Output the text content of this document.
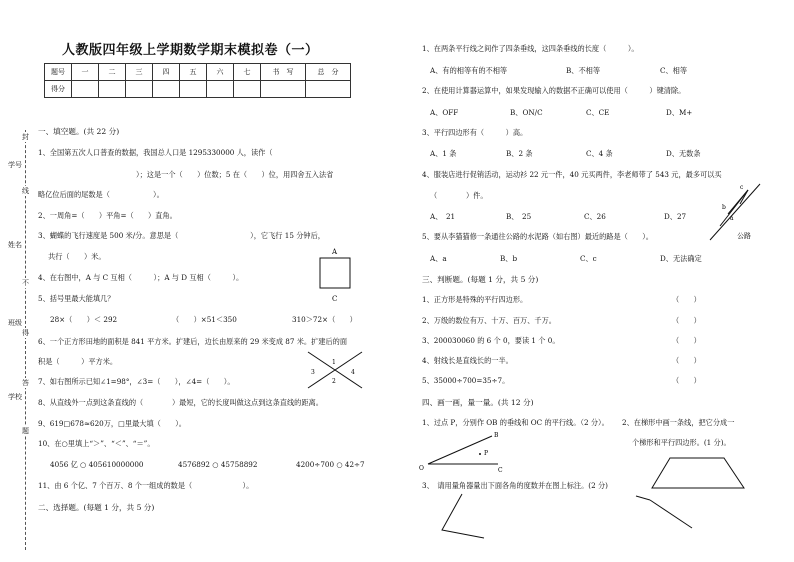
人教版四年级上学期数学期末模拟卷（一）
题号	一	二	三	四	五	六	七	书　写	总　分
得分									
学号
姓名
班级
学校
封
线
不
得
答
题
一、填空题。(共 22 分)
1、全国第五次人口普查的数据，我国总人口是 1295330000 人，读作（
）；这是一个（　　）位数；5 在（　　）位，用四舍五入法省
略亿位后面的尾数是（　　　　　　）。
2、一周角=（　　）平角=（　　）直角。
3、蝴蝶的飞行速度是 500 米/分。意思是（　　　　　　　　　　），它飞行 15 分钟后，
共行（　　）米。
4、在右图中，A 与 C 互相（　　　）；A 与 D 互相（　　　）。
A
C
5、括号里最大能填几？
28×（　　）＜ 292	（　　）×51＜350	310＞72×（　　）
6、一个正方形田地的面积是 841 平方米。扩建后，边长由原来的 29 米变成 87 米。扩建后的面
积是（　　　）平方米。	1
2
3	4
7、如右图所示已知∠1=98°，∠3=（　　），∠4=（　　）。
8、从直线外一点到这条直线的（　　　　）最短，它的长度叫做这点到这条直线的距离。
9、619□678≈620万，□里最大填（　　）。
10、在○里填上“＞”、“＜”、“＝”。
4056 亿 ○ 405610000000	4576892 ○ 45758892	4200÷700 ○ 42÷7
11、由 6 个亿、7 个百万、8 个一组成的数是（　　　　　　　）。
二、选择题。(每题 1 分，共 5 分)
1、在两条平行线之间作了四条垂线，这四条垂线的长度（　　　）。
A、有的相等有的不相等	B、不相等	C、相等
2、在使用计算器运算中，如果发现输入的数据不正确可以使用（　　　）键清除。
A、OFF	B、ON/C	C、CE	D、M+
3、平行四边形有（　　　）高。
A、1 条	B、2 条	C、4 条	D、无数条
4、服装店进行促销活动，运动衫 22 元一件，40 元买两件，李老师带了 543 元，最多可以买
（　　　　）件。
A、　21	B、　25	C、26	D、27
c
b
a
公路
5、要从李猫猫修一条通往公路的水泥路（如右图）最近的路是（　　）。
A、a	B、b	C、c	D、无法确定
三、判断题。(每题 1 分，共 5 分)
1、正方形是特殊的平行四边形。	（　　）
2、万级的数位有万、十万、百万、千万。	（　　）
3、200030060 的 6 个 0，要读 1 个 0。	（　　）
4、射线长是直线长的一半。	（　　）
5、35000÷700=35÷7。	（　　）
四、画一画，量一量。(共 12 分)
1、过点 P，分别作 OB 的垂线和 OC 的平行线。（2 分）。 2、在梯形中画一条线，把它分成一
个梯形和平行四边形。(1 分)。
O
P
B
C
3、　请用量角器量出下面各角的度数并在图上标注。(2 分)
